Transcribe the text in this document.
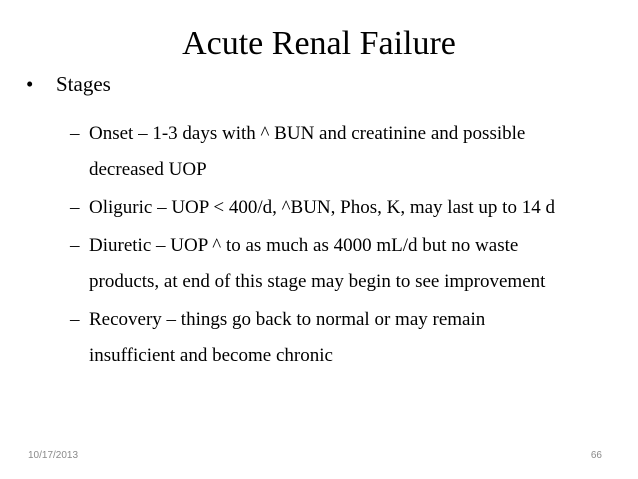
Acute Renal Failure
• Stages
– Onset – 1-3 days with ^ BUN and creatinine and possible
decreased UOP
– Oliguric – UOP < 400/d, ^BUN, Phos, K, may last up to 14 d
– Diuretic – UOP ^ to as much as 4000 mL/d but no waste
products, at end of this stage may begin to see improvement
– Recovery – things go back to normal or may remain
insufficient and become chronic
10/17/2013	66
